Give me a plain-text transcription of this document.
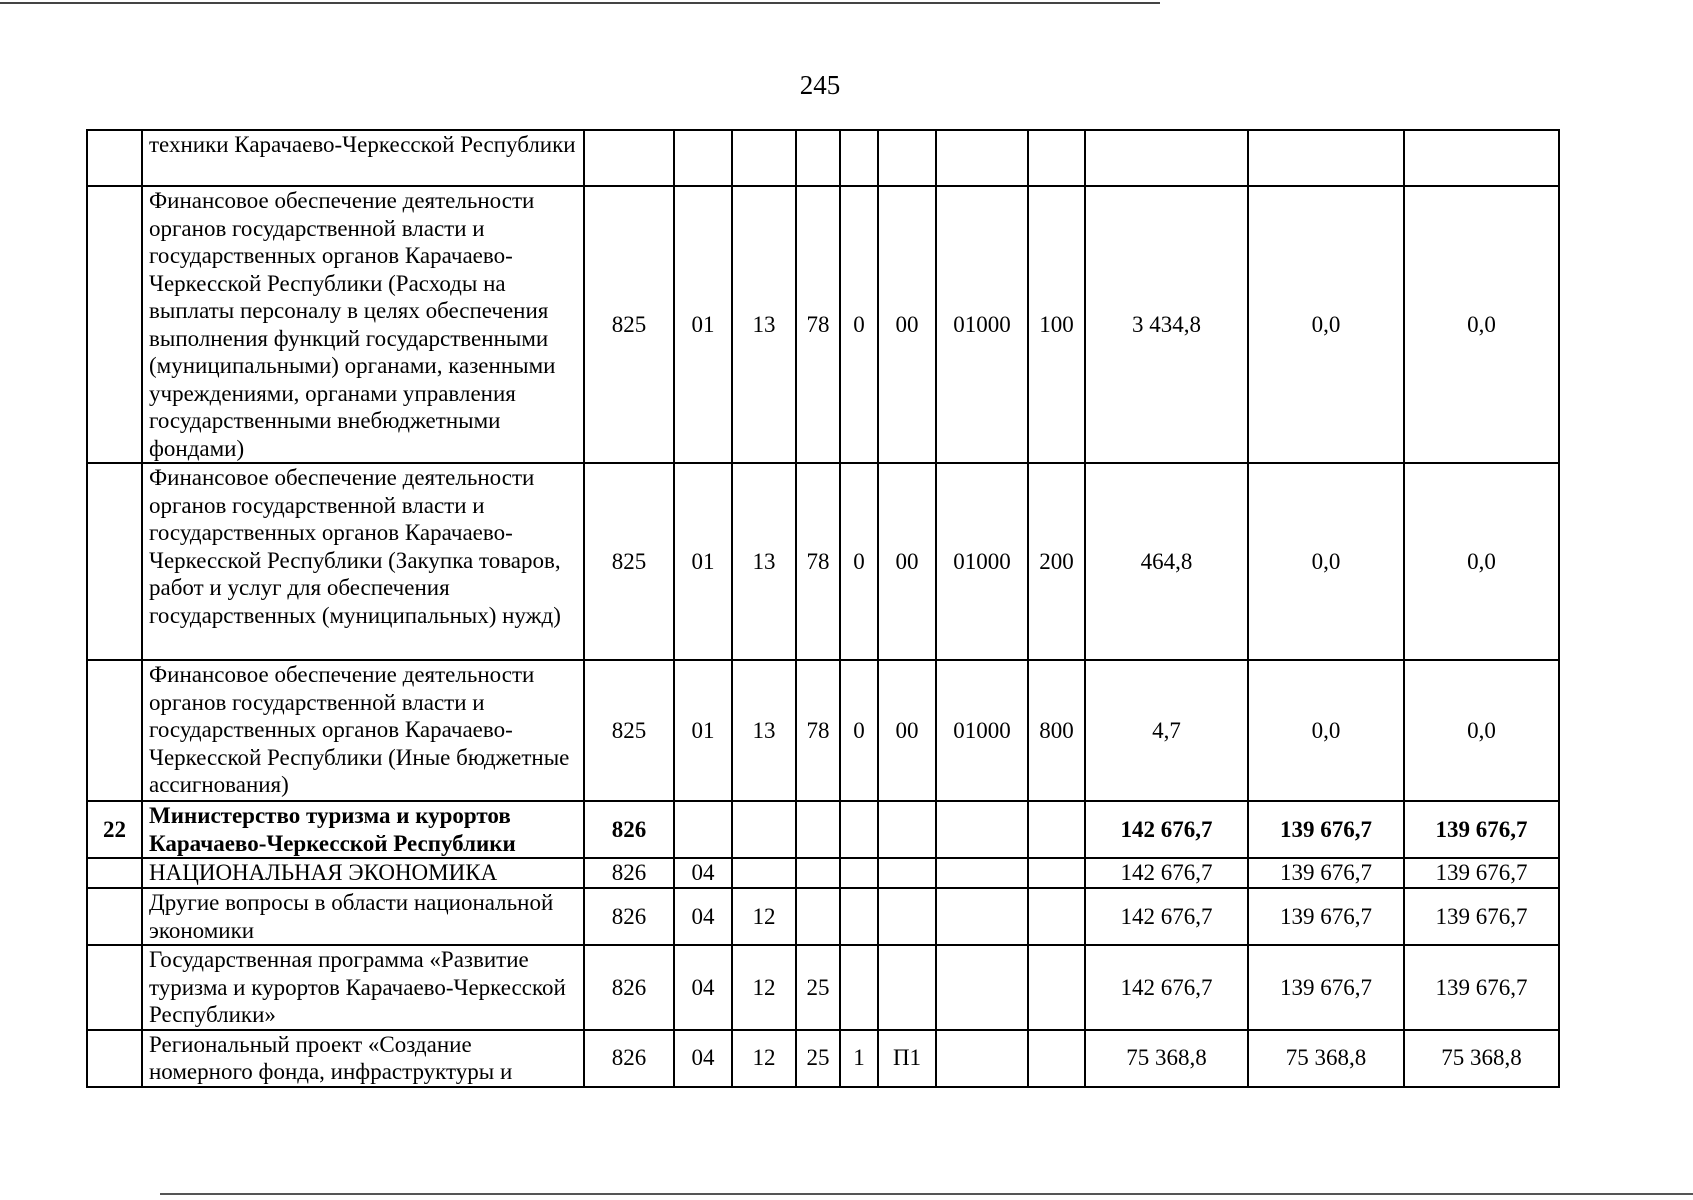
245
	техники Карачаево-Черкесской Республики											
	Финансовое обеспечение деятельности органов государственной власти и государственных органов Карачаево-Черкесской Республики (Расходы на выплаты персоналу в целях обеспечения выполнения функций государственными (муниципальными) органами, казенными учреждениями, органами управления государственными внебюджетными фондами)	825	01	13	78	0	00	01000	100	3 434,8	0,0	0,0
	Финансовое обеспечение деятельности органов государственной власти и государственных органов Карачаево-Черкесской Республики (Закупка товаров, работ и услуг для обеспечения государственных (муниципальных) нужд)	825	01	13	78	0	00	01000	200	464,8	0,0	0,0
	Финансовое обеспечение деятельности органов государственной власти и государственных органов Карачаево-Черкесской Республики (Иные бюджетные ассигнования)	825	01	13	78	0	00	01000	800	4,7	0,0	0,0
22	Министерство туризма и курортов Карачаево-Черкесской Республики	826								142 676,7	139 676,7	139 676,7
	НАЦИОНАЛЬНАЯ ЭКОНОМИКА	826	04							142 676,7	139 676,7	139 676,7
	Другие вопросы в области национальной экономики	826	04	12						142 676,7	139 676,7	139 676,7
	Государственная программа «Развитие туризма и курортов Карачаево-Черкесской Республики»	826	04	12	25					142 676,7	139 676,7	139 676,7
	Региональный проект «Создание номерного фонда, инфраструктуры и	826	04	12	25	1	П1			75 368,8	75 368,8	75 368,8
